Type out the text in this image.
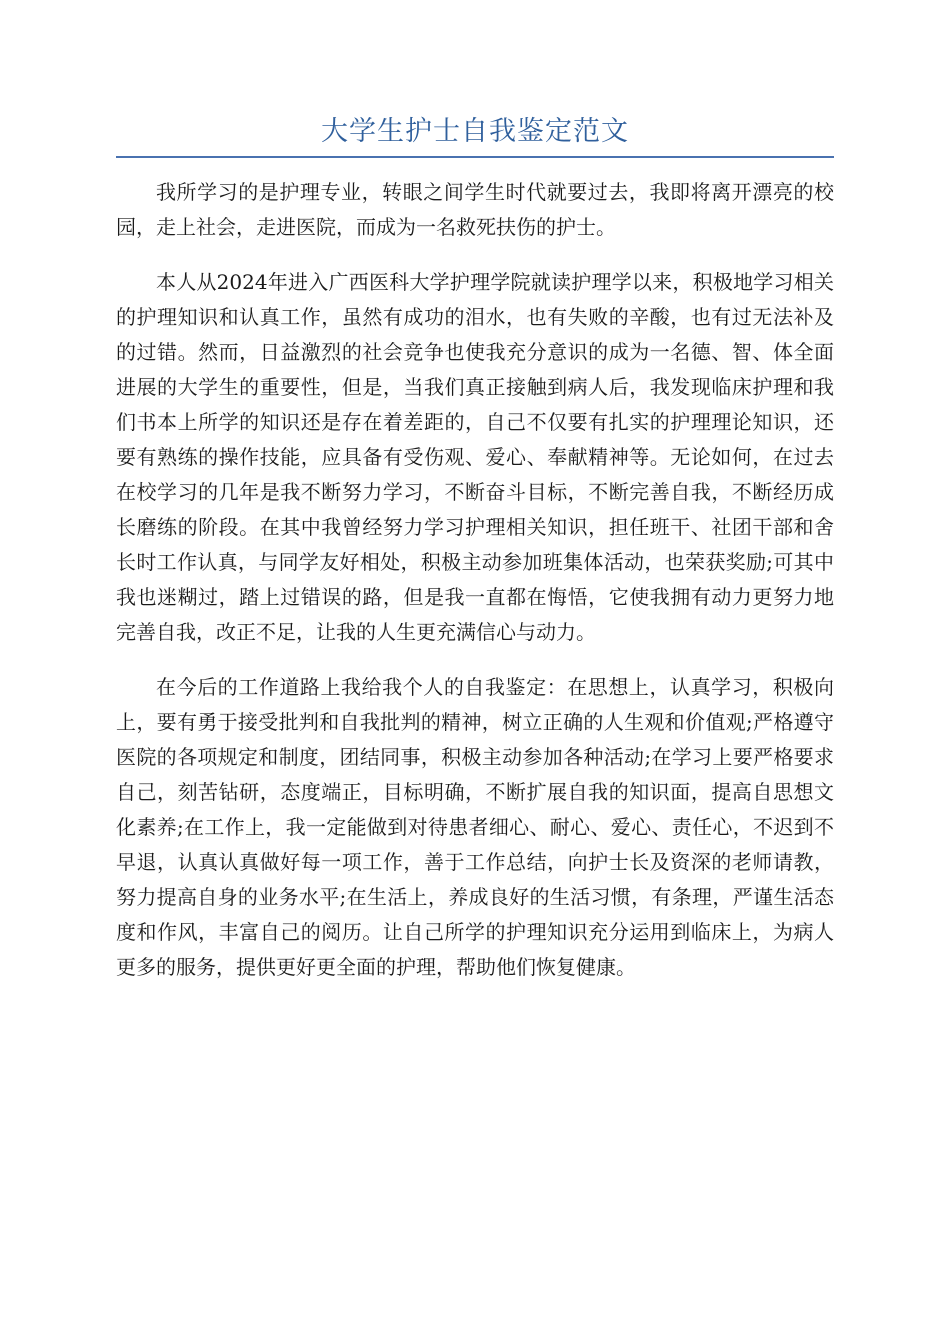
大学生护士自我鉴定范文

我所学习的是护理专业，转眼之间学生时代就要过去，我即将离开漂亮的校园，走上社会，走进医院，而成为一名救死扶伤的护士。

本人从2024年进入广西医科大学护理学院就读护理学以来，积极地学习相关的护理知识和认真工作，虽然有成功的泪水，也有失败的辛酸，也有过无法补及的过错。然而，日益激烈的社会竞争也使我充分意识的成为一名德、智、体全面进展的大学生的重要性，但是，当我们真正接触到病人后，我发现临床护理和我们书本上所学的知识还是存在着差距的，自己不仅要有扎实的护理理论知识，还要有熟练的操作技能，应具备有受伤观、爱心、奉献精神等。无论如何，在过去在校学习的几年是我不断努力学习，不断奋斗目标，不断完善自我，不断经历成长磨练的阶段。在其中我曾经努力学习护理相关知识，担任班干、社团干部和舍长时工作认真，与同学友好相处，积极主动参加班集体活动，也荣获奖励;可其中我也迷糊过，踏上过错误的路，但是我一直都在悔悟，它使我拥有动力更努力地完善自我，改正不足，让我的人生更充满信心与动力。

在今后的工作道路上我给我个人的自我鉴定：在思想上，认真学习，积极向上，要有勇于接受批判和自我批判的精神，树立正确的人生观和价值观;严格遵守医院的各项规定和制度，团结同事，积极主动参加各种活动;在学习上要严格要求自己，刻苦钻研，态度端正，目标明确，不断扩展自我的知识面，提高自思想文化素养;在工作上，我一定能做到对待患者细心、耐心、爱心、责任心，不迟到不早退，认真认真做好每一项工作，善于工作总结，向护士长及资深的老师请教，努力提高自身的业务水平;在生活上，养成良好的生活习惯，有条理，严谨生活态度和作风，丰富自己的阅历。让自己所学的护理知识充分运用到临床上，为病人更多的服务，提供更好更全面的护理，帮助他们恢复健康。
